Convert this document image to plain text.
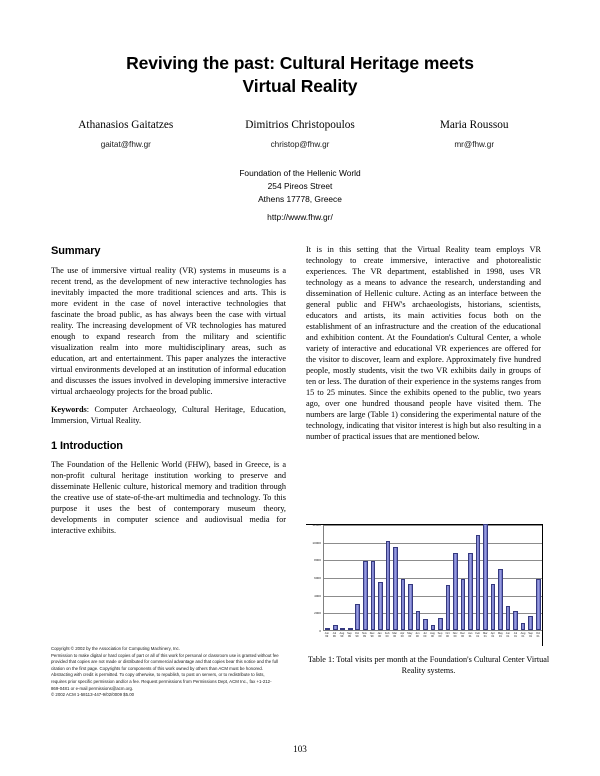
Reviving the past: Cultural Heritage meets
Virtual Reality
Athanasios Gaitatzes
gaitat@fhw.gr
Dimitrios Christopoulos
christop@fhw.gr
Maria Roussou
mr@fhw.gr
Foundation of the Hellenic World
254 Pireos Street
Athens 17778, Greece
http://www.fhw.gr/
Summary

The use of immersive virtual reality (VR) systems in museums is a recent trend, as the development of new interactive technologies has inevitably impacted the more traditional sciences and arts. This is more evident in the case of novel interactive technologies that fascinate the broad public, as has always been the case with virtual reality. The increasing development of VR technologies has matured enough to expand research from the military and scientific visualization realm into more multidisciplinary areas, such as education, art and entertainment. This paper analyzes the interactive virtual environments developed at an institution of informal education and discusses the issues involved in developing immersive interactive virtual archaeology projects for the broad public.

Keywords: Computer Archaeology, Cultural Heritage, Education, Immersion, Virtual Reality.

1 Introduction

The Foundation of the Hellenic World (FHW), based in Greece, is a non-profit cultural heritage institution working to preserve and disseminate Hellenic culture, historical memory and tradition through the creative use of state-of-the-art multimedia and technology. To this purpose it uses the best of contemporary museum theory, developments in computer science and audiovisual media for interactive exhibits.

Copyright © 2002 by the Association for Computing Machinery, Inc.
Permission to make digital or hard copies of part or all of this work for personal or classroom use is granted without fee provided that copies are not made or distributed for commercial advantage and that copies bear this notice and the full citation on the first page. Copyrights for components of this work owned by others than ACM must be honored. Abstracting with credit is permitted. To copy otherwise, to republish, to post on servers, or to redistribute to lists, requires prior specific permission and/or a fee. Request permissions from Permissions Dept, ACM Inc., fax +1-212-869-0481 or e-mail permissions@acm.org.
© 2002 ACM 1-58113-447-9/02/0009 $5.00

It is in this setting that the Virtual Reality team employs VR technology to create immersive, interactive and photorealistic experiences. The VR department, established in 1998, uses VR technology as a means to advance the research, understanding and dissemination of Hellenic culture. Acting as an interface between the general public and FHW's archaeologists, historians, scientists, educators and artists, its main activities focus both on the establishment of an infrastructure and the creation of the educational and exhibition content. At the Foundation's Cultural Center, a whole variety of interactive and educational VR experiences are offered for the visitor to discover, learn and explore. Approximately five hundred people, mostly students, visit the two VR exhibits daily in groups of ten or less. The duration of their experience in the systems ranges from 15 to 25 minutes. Since the exhibits opened to the public, two years ago, over one hundred thousand people have visited them. The numbers are large (Table 1) considering the experimental nature of the technology, indicating that visitor interest is high but also resulting in a number of practical issues that are mentioned below.

0
2000
4000
6000
8000
10000
12000
Jun
99
Jul
99
Aug
99
Sep
99
Oct
99
Nov
99
Dec
99
Jan
00
Feb
00
Mar
00
Apr
00
May
00
Jun
00
Jul
00
Aug
00
Sep
00
Oct
00
Nov
00
Dec
00
Jan
01
Feb
01
Mar
01
Apr
01
May
01
Jun
01
Jul
01
Aug
01
Sep
01
Oct
01
Table 1: Total visits per month at the Foundation's Cultural Center Virtual Reality systems.
103
